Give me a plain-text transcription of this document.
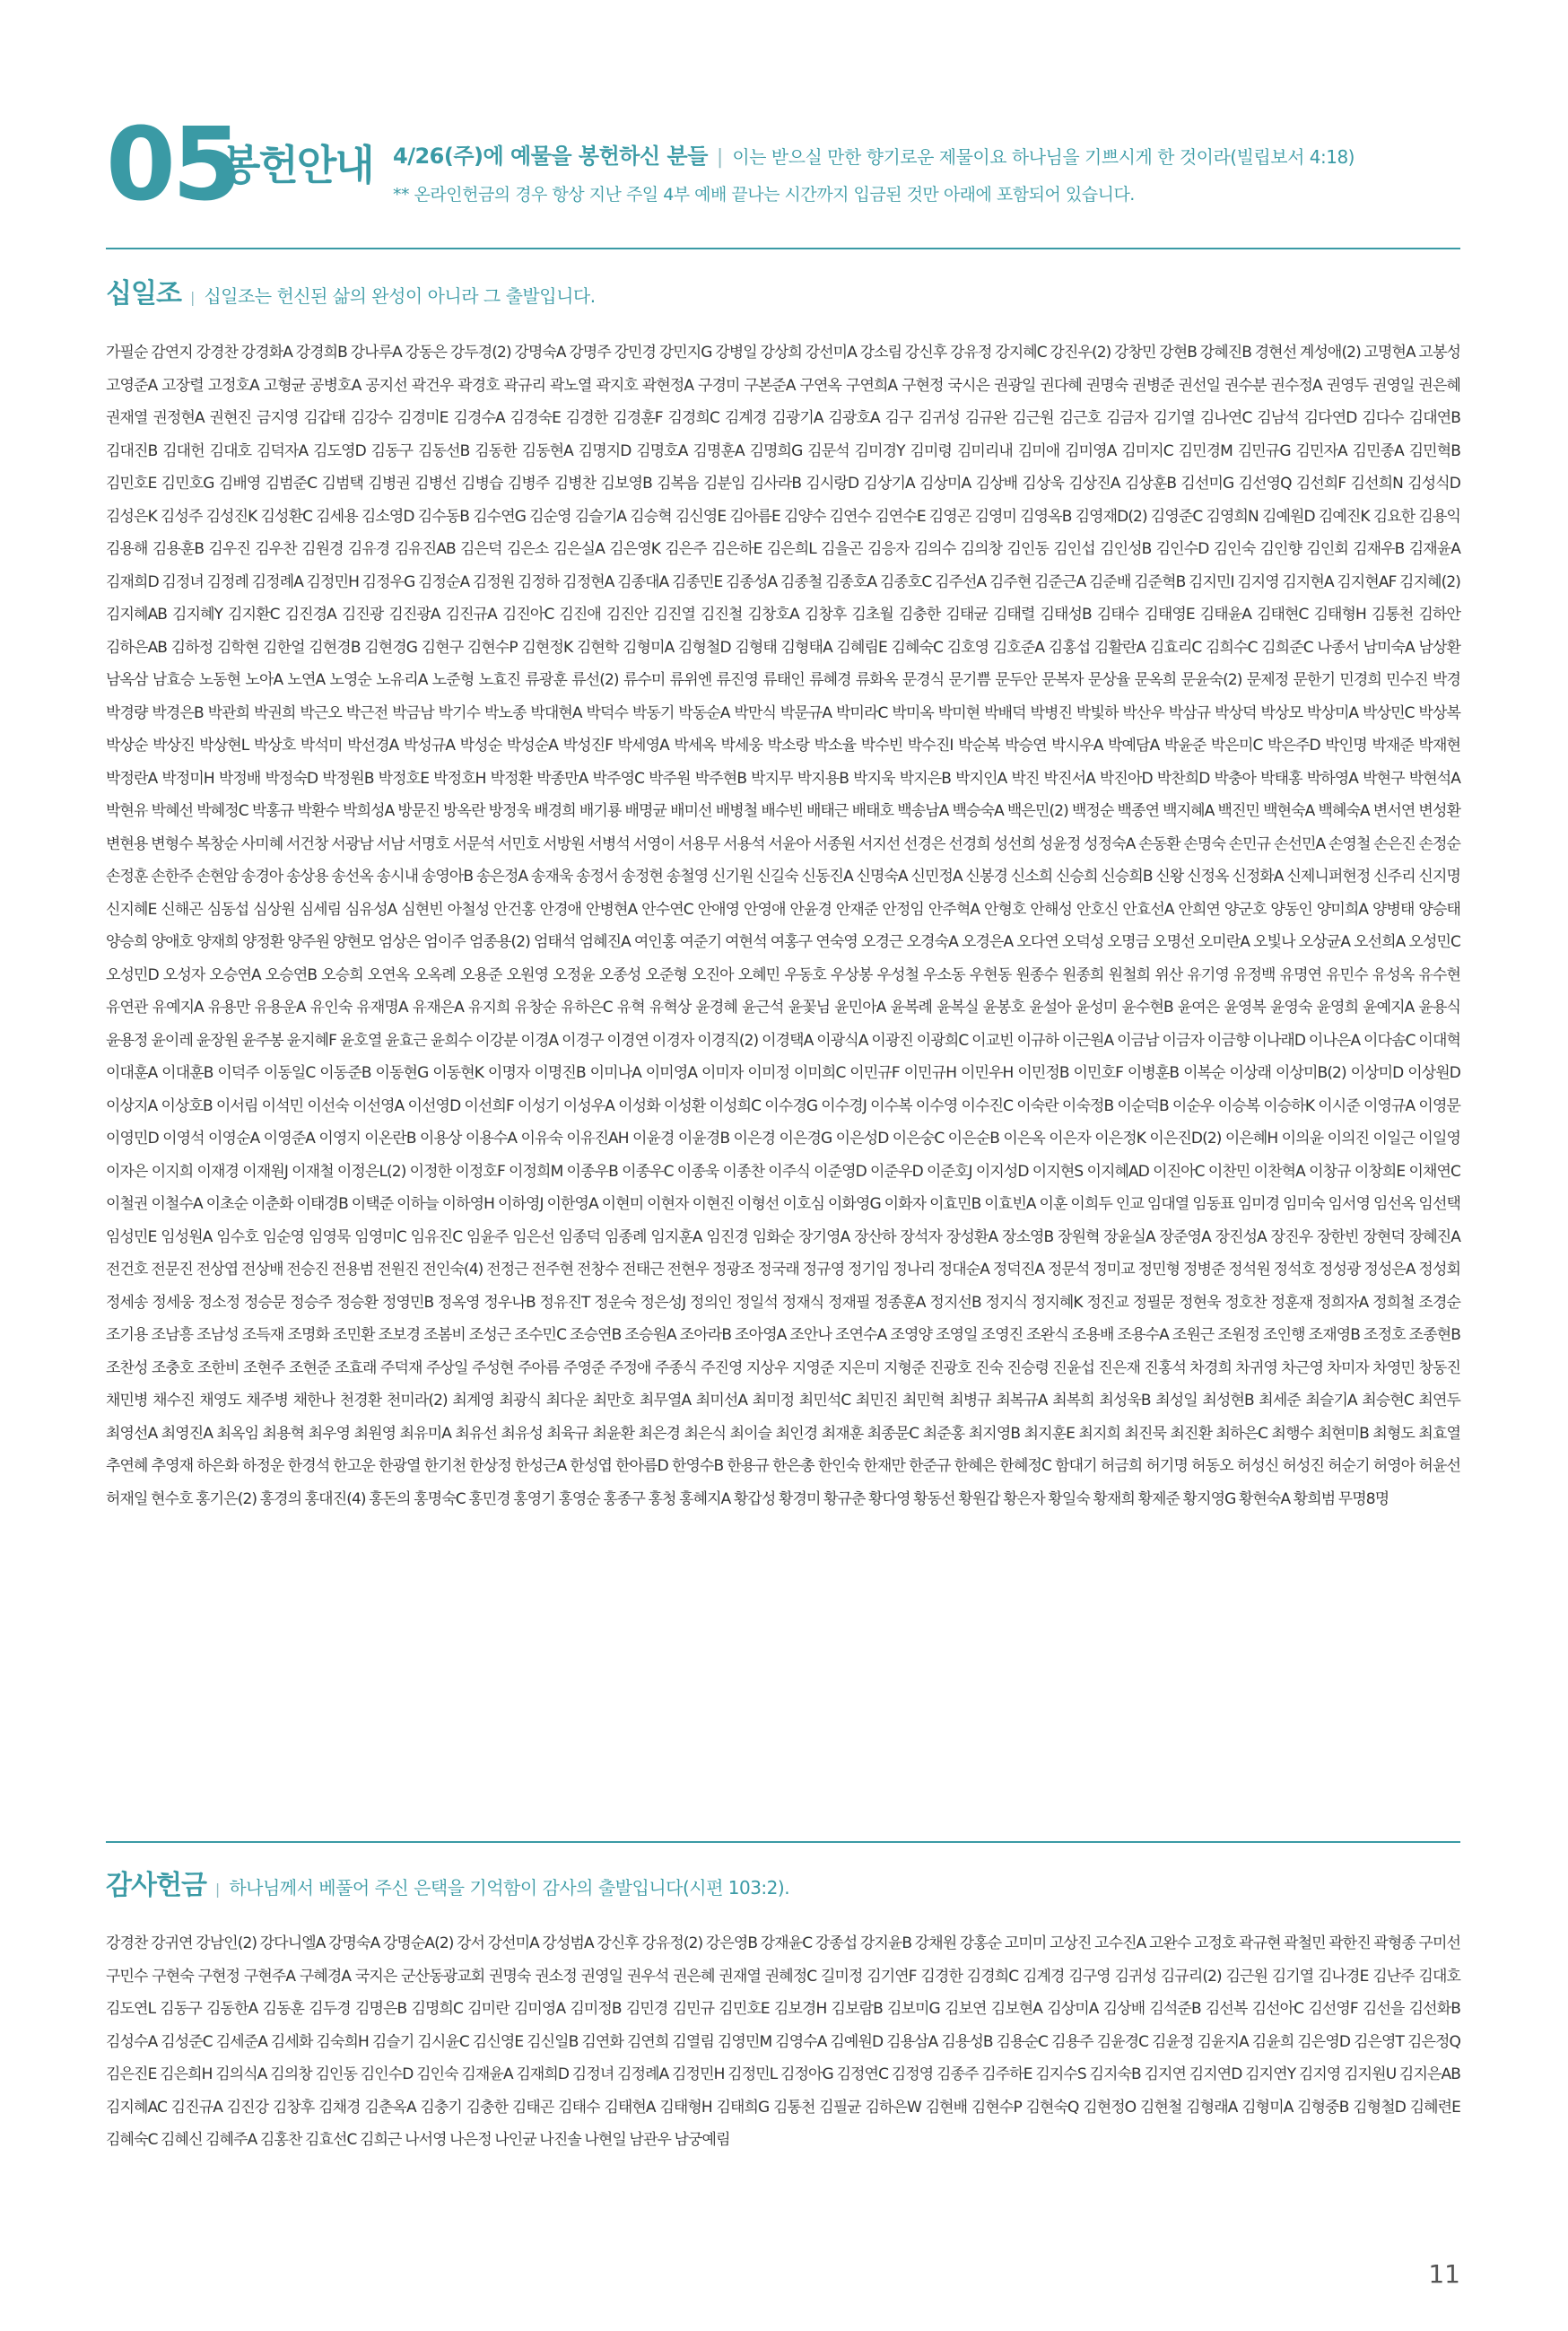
05
봉헌안내 4/26(주)에 예물을 봉헌하신 분들 | 이는 받으실 만한 향기로운 제물이요 하나님을 기쁘시게 한 것이라(빌립보서 4:18)
** 온라인헌금의 경우 항상 지난 주일 4부 예배 끝나는 시간까지 입금된 것만 아래에 포함되어 있습니다.
십일조 | 십일조는 헌신된 삶의 완성이 아니라 그 출발입니다.

가필순 감연지 강경찬 강경화A 강경희B 강나루A 강동은 강두경(2) 강명숙A 강명주 강민경 강민지G 강병일 강상희 강선미A 강소림 강신후 강유정 강지혜C 강진우(2) 강창민 강현B 강혜진B 경현선 계성애(2) 고명현A 고봉성 고영준A 고장렬 고정호A 고형균 공병호A 공지선 곽건우 곽경호 곽규리 곽노열 곽지호 곽현정A 구경미 구본준A 구연옥 구연희A 구현정 국시은 권광일 권다혜 권명숙 권병준 권선일 권수분 권수정A 권영두 권영일 권은혜 권재열 권정현A 권현진 금지영 김갑태 김강수 김경미E 김경수A 김경숙E 김경한 김경훈F 김경희C 김계경 김광기A 김광호A 김구 김귀성 김규완 김근원 김근호 김금자 김기열 김나연C 김남석 김다연D 김다수 김대연B 김대진B 김대헌 김대호 김덕자A 김도영D 김동구 김동선B 김동한 김동현A 김명지D 김명호A 김명훈A 김명희G 김문석 김미경Y 김미령 김미리내 김미애 김미영A 김미지C 김민경M 김민규G 김민자A 김민종A 김민혁B 김민호E 김민호G 김배영 김범준C 김범택 김병권 김병선 김병습 김병주 김병찬 김보영B 김복음 김분임 김사라B 김시랑D 김상기A 김상미A 김상배 김상욱 김상진A 김상훈B 김선미G 김선영Q 김선희F 김선희N 김성식D 김성은K 김성주 김성진K 김성환C 김세용 김소영D 김수동B 김수연G 김순영 김슬기A 김승혁 김신영E 김아름E 김양수 김연수 김연수E 김영곤 김영미 김영옥B 김영재D(2) 김영준C 김영희N 김예원D 김예진K 김요한 김용익 김용해 김용훈B 김우진 김우찬 김원경 김유경 김유진AB 김은덕 김은소 김은실A 김은영K 김은주 김은하E 김은희L 김을곤 김응자 김의수 김의창 김인동 김인섭 김인성B 김인수D 김인숙 김인향 김인회 김재우B 김재윤A 김재희D 김정녀 김정례 김정례A 김정민H 김정우G 김정순A 김정원 김정하 김정현A 김종대A 김종민E 김종성A 김종철 김종호A 김종호C 김주선A 김주현 김준근A 김준배 김준혁B 김지민I 김지영 김지현A 김지현AF 김지혜(2) 김지혜AB 김지혜Y 김지환C 김진경A 김진광 김진광A 김진규A 김진아C 김진애 김진안 김진열 김진철 김창호A 김창후 김초월 김충한 김태균 김태렬 김태성B 김태수 김태영E 김태윤A 김태현C 김태형H 김통천 김하안 김하은AB 김하정 김학현 김한얼 김현경B 김현경G 김현구 김현수P 김현정K 김현학 김형미A 김형철D 김형태 김형태A 김혜림E 김혜숙C 김호영 김호준A 김홍섭 김활란A 김효리C 김희수C 김희준C 나종서 남미숙A 남상환 남옥삼 남효승 노동현 노아A 노연A 노영순 노유리A 노준형 노효진 류광훈 류선(2) 류수미 류위엔 류진영 류태인 류혜경 류화옥 문경식 문기쁨 문두안 문복자 문상율 문옥희 문윤숙(2) 문제정 문한기 민경희 민수진 박경 박경량 박경은B 박관희 박권희 박근오 박근전 박금남 박기수 박노종 박대현A 박덕수 박동기 박동순A 박만식 박문규A 박미라C 박미옥 박미현 박배덕 박병진 박빛하 박산우 박삼규 박상덕 박상모 박상미A 박상민C 박상복 박상순 박상진 박상현L 박상호 박석미 박선경A 박성규A 박성순 박성순A 박성진F 박세영A 박세옥 박세웅 박소랑 박소율 박수빈 박수진I 박순복 박승연 박시우A 박예담A 박윤준 박은미C 박은주D 박인명 박재준 박재현 박정란A 박정미H 박정배 박정숙D 박정원B 박정호E 박정호H 박정환 박종만A 박주영C 박주원 박주현B 박지무 박지용B 박지욱 박지은B 박지인A 박진 박진서A 박진아D 박찬희D 박충아 박태홍 박하영A 박현구 박현석A 박현유 박혜선 박혜정C 박홍규 박환수 박희성A 방문진 방옥란 방정욱 배경희 배기룡 배명균 배미선 배병철 배수빈 배태근 배태호 백송남A 백승숙A 백은민(2) 백정순 백종연 백지혜A 백진민 백현숙A 백혜숙A 변서연 변성환 변현용 변형수 복창순 사미혜 서건창 서광남 서남 서명호 서문석 서민호 서방원 서병석 서영이 서용무 서용석 서윤아 서종원 서지선 선경은 선경희 성선희 성윤정 성정숙A 손동환 손명숙 손민규 손선민A 손영철 손은진 손정순 손정훈 손한주 손현암 송경아 송상용 송선옥 송시내 송영아B 송은정A 송재욱 송정서 송정현 송철영 신기원 신길숙 신동진A 신명숙A 신민정A 신봉경 신소희 신승희 신승희B 신왕 신정옥 신정화A 신제니퍼현정 신주리 신지명 신지혜E 신해곤 심동섭 심상원 심세림 심유성A 심현빈 아철성 안건홍 안경애 안병현A 안수연C 안애영 안영애 안윤경 안재준 안정임 안주혁A 안형호 안해성 안호신 안효선A 안희연 양군호 양동인 양미희A 양병태 양승태 양승희 양애호 양재희 양정환 양주원 양현모 엄상은 엄이주 엄종용(2) 엄태석 엄혜진A 여인홍 여준기 여현석 여홍구 연숙영 오경근 오경숙A 오경은A 오다연 오덕성 오명금 오명선 오미란A 오빛나 오상균A 오선희A 오성민C 오성민D 오성자 오승연A 오승연B 오승희 오연옥 오옥례 오용준 오원영 오정윤 오종성 오준형 오진아 오혜민 우동호 우상봉 우성철 우소동 우현동 원종수 원종희 원철희 위산 유기영 유정백 유명연 유민수 유성옥 유수현 유연관 유예지A 유용만 유용운A 유인숙 유재명A 유재은A 유지희 유창순 유하은C 유혁 유혁상 윤경혜 윤근석 윤꽃님 윤민아A 윤복례 윤복실 윤봉호 윤설아 윤성미 윤수현B 윤여은 윤영복 윤영숙 윤영희 윤예지A 윤용식 윤용정 윤이레 윤장원 윤주봉 윤지혜F 윤호열 윤효근 윤희수 이강분 이경A 이경구 이경연 이경자 이경직(2) 이경택A 이광식A 이광진 이광희C 이교빈 이규하 이근원A 이금남 이금자 이금향 이나래D 이나은A 이다솜C 이대혁 이대훈A 이대훈B 이덕주 이동일C 이동준B 이동현G 이동현K 이명자 이명진B 이미나A 이미영A 이미자 이미정 이미희C 이민규F 이민규H 이민우H 이민정B 이민호F 이병훈B 이복순 이상래 이상미B(2) 이상미D 이상원D 이상지A 이상호B 이서림 이석민 이선숙 이선영A 이선영D 이선희F 이성기 이성우A 이성화 이성환 이성희C 이수경G 이수경J 이수복 이수영 이수진C 이숙란 이숙정B 이순덕B 이순우 이승복 이승하K 이시준 이영규A 이영문 이영민D 이영석 이영순A 이영준A 이영지 이온란B 이용상 이용수A 이유숙 이유진AH 이윤경 이윤경B 이은경 이은경G 이은성D 이은숭C 이은순B 이은옥 이은자 이은정K 이은진D(2) 이은혜H 이의윤 이의진 이일근 이일영 이자은 이지희 이재경 이재원J 이재철 이정은L(2) 이정한 이정호F 이정희M 이종우B 이종우C 이종욱 이종찬 이주식 이준영D 이준우D 이준호J 이지성D 이지현S 이지혜AD 이진아C 이찬민 이찬혁A 이창규 이창희E 이채연C 이철권 이철수A 이초순 이춘화 이태경B 이택준 이하늘 이하영H 이하영J 이한영A 이현미 이현자 이현진 이형선 이호심 이화영G 이화자 이효민B 이효빈A 이훈 이희두 인교 임대열 임동표 임미경 임미숙 임서영 임선옥 임선택 임성민E 임성원A 임수호 임순영 임영묵 임영미C 임유진C 임윤주 임은선 임종덕 임종례 임지훈A 임진경 임화순 장기영A 장산하 장석자 장성환A 장소영B 장원혁 장윤실A 장준영A 장진성A 장진우 장한빈 장현덕 장혜진A 전건호 전문진 전상엽 전상배 전승진 전용범 전원진 전인숙(4) 전정근 전주현 전창수 전태근 전현우 정광조 정국래 정규영 정기임 정나리 정대순A 정덕진A 정문석 정미교 정민형 정병준 정석원 정석호 정성광 정성은A 정성회 정세송 정세웅 정소정 정승문 정승주 정승환 정영민B 정옥영 정우나B 정유진T 정운숙 정은성J 정의인 정일석 정재식 정재필 정종훈A 정지선B 정지식 정지혜K 정진교 정필문 정현욱 정호찬 정훈재 정희자A 정희철 조경순 조기용 조남흥 조남성 조득재 조명화 조민환 조보경 조봄비 조성근 조수민C 조승연B 조승원A 조아라B 조아영A 조안나 조연수A 조영양 조영일 조영진 조완식 조용배 조용수A 조원근 조원정 조인행 조재영B 조정호 조종현B 조찬성 조충호 조한비 조현주 조현준 조효래 주덕재 주상일 주성현 주아름 주영준 주정애 주종식 주진영 지상우 지영준 지은미 지형준 진광호 진숙 진승령 진윤섭 진은재 진홍석 차경희 차귀영 차근영 차미자 차영민 창동진 채민병 채수진 채영도 채주병 채한나 천경환 천미라(2) 최계영 최광식 최다운 최만호 최무열A 최미선A 최미정 최민석C 최민진 최민혁 최병규 최복규A 최복희 최성욱B 최성일 최성현B 최세준 최슬기A 최승현C 최연두 최영선A 최영진A 최옥임 최용혁 최우영 최원영 최유미A 최유선 최유성 최육규 최윤환 최은경 최은식 최이슬 최인경 최재훈 최종문C 최준홍 최지영B 최지훈E 최지희 최진묵 최진환 최하은C 최행수 최현미B 최형도 최효열 추연혜 추영재 하은화 하정운 한경석 한고운 한광열 한기천 한상정 한성근A 한성엽 한아름D 한영수B 한용규 한은총 한인숙 한재만 한준규 한혜은 한혜정C 함대기 허금희 허기명 허동오 허성신 허성진 허순기 허영아 허윤선 허재일 현수호 홍기은(2) 홍경의 홍대진(4) 홍돈의 홍명숙C 홍민경 홍영기 홍영순 홍종구 홍청 홍혜지A 황갑성 황경미 황규춘 황다영 황동선 황원갑 황은자 황일숙 황재희 황제준 황지영G 황현숙A 황희범 무명8명

감사헌금 | 하나님께서 베풀어 주신 은택을 기억함이 감사의 출발입니다(시편 103:2).

강경찬 강귀연 강남인(2) 강다니엘A 강명숙A 강명순A(2) 강서 강선미A 강성범A 강신후 강유정(2) 강은영B 강재윤C 강종섭 강지윤B 강채원 강홍순 고미미 고상진 고수진A 고완수 고정호 곽규현 곽철민 곽한진 곽형종 구미선 구민수 구현숙 구현정 구현주A 구혜경A 국지은 군산동광교회 권명숙 권소정 권영일 권우석 권은혜 권재열 권혜정C 길미정 김기연F 김경한 김경희C 김계경 김구영 김귀성 김규리(2) 김근원 김기열 김나경E 김난주 김대호 김도연L 김동구 김동한A 김동훈 김두경 김명은B 김명희C 김미란 김미영A 김미정B 김민경 김민규 김민호E 김보경H 김보람B 김보미G 김보연 김보현A 김상미A 김상배 김석준B 김선복 김선아C 김선영F 김선을 김선화B 김성수A 김성준C 김세준A 김세화 김숙희H 김슬기 김시윤C 김신영E 김신일B 김연화 김연희 김열림 김영민M 김영수A 김예원D 김용삼A 김용성B 김용순C 김용주 김윤경C 김윤정 김윤지A 김윤희 김은영D 김은영T 김은정Q 김은진E 김은희H 김의식A 김의창 김인동 김인수D 김인숙 김재윤A 김재희D 김정녀 김정례A 김정민H 김정민L 김정아G 김정연C 김정영 김종주 김주하E 김지수S 김지숙B 김지연 김지연D 김지연Y 김지영 김지원U 김지은AB 김지혜AC 김진규A 김진강 김창후 김채경 김춘옥A 김충기 김충한 김태곤 김태수 김태현A 김태형H 김태희G 김통천 김필균 김하은W 김현배 김현수P 김현숙Q 김현정O 김현철 김형래A 김형미A 김형중B 김형철D 김혜련E 김혜숙C 김혜신 김혜주A 김홍찬 김효선C 김희근 나서영 나은정 나인균 나진솔 나현일 남관우 남궁예림

11
